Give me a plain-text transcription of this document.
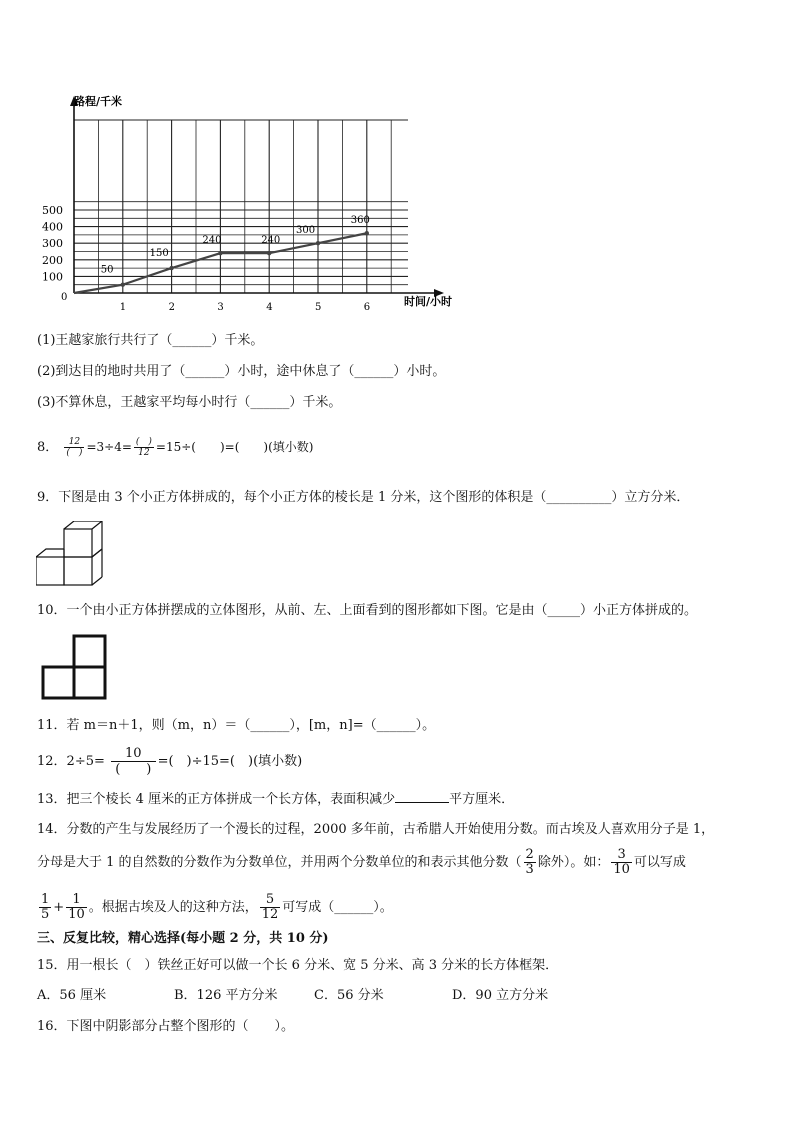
0
1	2	3	4	5	6
100
200
300
400
500
50
150
240	240
300
360
路程/千米
时间/小时
(1)王越家旅行共行了（______）千米。
(2)到达目的地时共用了（______）小时，途中休息了（______）小时。
(3)不算休息，王越家平均每小时行（______）千米。
8． $\frac{12}{( )} =3\div 4= \frac{( )}{12} =15\div$(　　)=(　　)(填小数)
9．下图是由 3 个小正方体拼成的，每个小正方体的棱长是 1 分米，这个图形的体积是（__________）立方分米．
10．一个由小正方体拼摆成的立体图形，从前、左、上面看到的图形都如下图。它是由（_____）小正方体拼成的。
11．若 m＝n＋1，则（m，n）＝（______），[m，n]=（______）。
12．$2\div 5= \frac{10}{( )}$ =(　)÷15=(　)(填小数)
13．把三个棱长 4 厘米的正方体拼成一个长方体，表面积减少	平方厘米．
14．分数的产生与发展经历了一个漫长的过程，2000 多年前，古希腊人开始使用分数。而古埃及人喜欢用分子是 1，
分母是大于 1 的自然数的分数作为分数单位，并用两个分数单位的和表示其他分数（ $\frac{2}{3}$ 除外）。如： $\frac{3}{10}$ 可以写成
$\frac{1}{5} + \frac{1}{10}$ 。根据古埃及人的这种方法， $\frac{5}{12}$ 可写成（______）。
三、反复比较，精心选择(每小题 2 分，共 10 分)
15．用一根长（　）铁丝正好可以做一个长 6 分米、宽 5 分米、高 3 分米的长方体框架．
A．56 厘米	B．126 平方分米	C．56 分米	D．90 立方分米
16．下图中阴影部分占整个图形的（　　）。
